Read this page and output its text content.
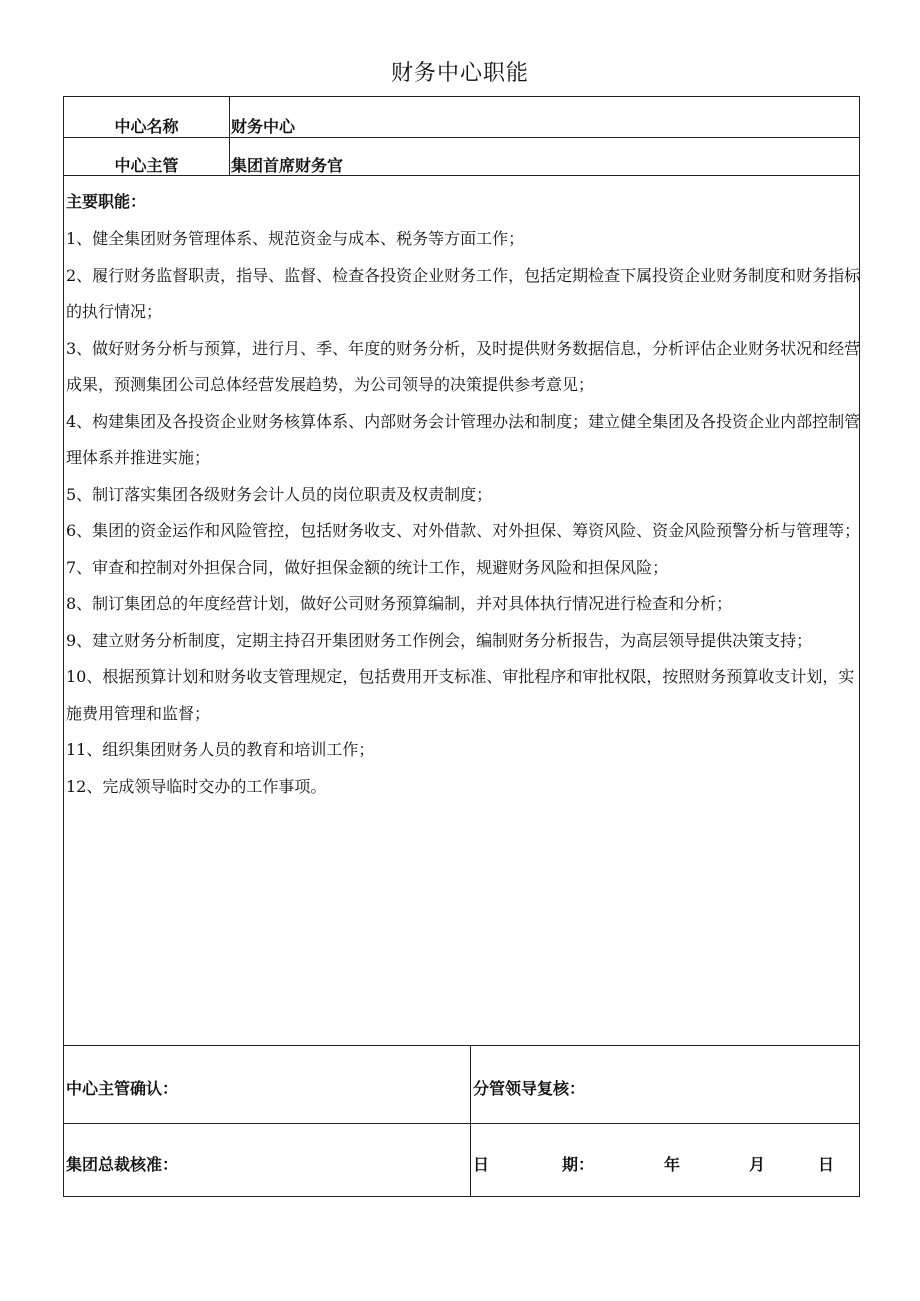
财务中心职能
中心名称	财务中心
中心主管	集团首席财务官
主要职能：

1、健全集团财务管理体系、规范资金与成本、税务等方面工作；

2、履行财务监督职责，指导、监督、检查各投资企业财务工作，包括定期检查下属投资企业财务制度和财务指标的执行情况；

3、做好财务分析与预算，进行月、季、年度的财务分析，及时提供财务数据信息，分析评估企业财务状况和经营成果，预测集团公司总体经营发展趋势，为公司领导的决策提供参考意见；

4、构建集团及各投资企业财务核算体系、内部财务会计管理办法和制度；建立健全集团及各投资企业内部控制管理体系并推进实施；

5、制订落实集团各级财务会计人员的岗位职责及权责制度；

6、集团的资金运作和风险管控，包括财务收支、对外借款、对外担保、筹资风险、资金风险预警分析与管理等；

7、审查和控制对外担保合同，做好担保金额的统计工作，规避财务风险和担保风险；

8、制订集团总的年度经营计划，做好公司财务预算编制，并对具体执行情况进行检查和分析；

9、建立财务分析制度，定期主持召开集团财务工作例会，编制财务分析报告，为高层领导提供决策支持；

10、根据预算计划和财务收支管理规定，包括费用开支标准、审批程序和审批权限，按照财务预算收支计划，实施费用管理和监督；

11、组织集团财务人员的教育和培训工作；

12、完成领导临时交办的工作事项。

中心主管确认：	分管领导复核：
集团总裁核准：	日	期：	年	月	日
